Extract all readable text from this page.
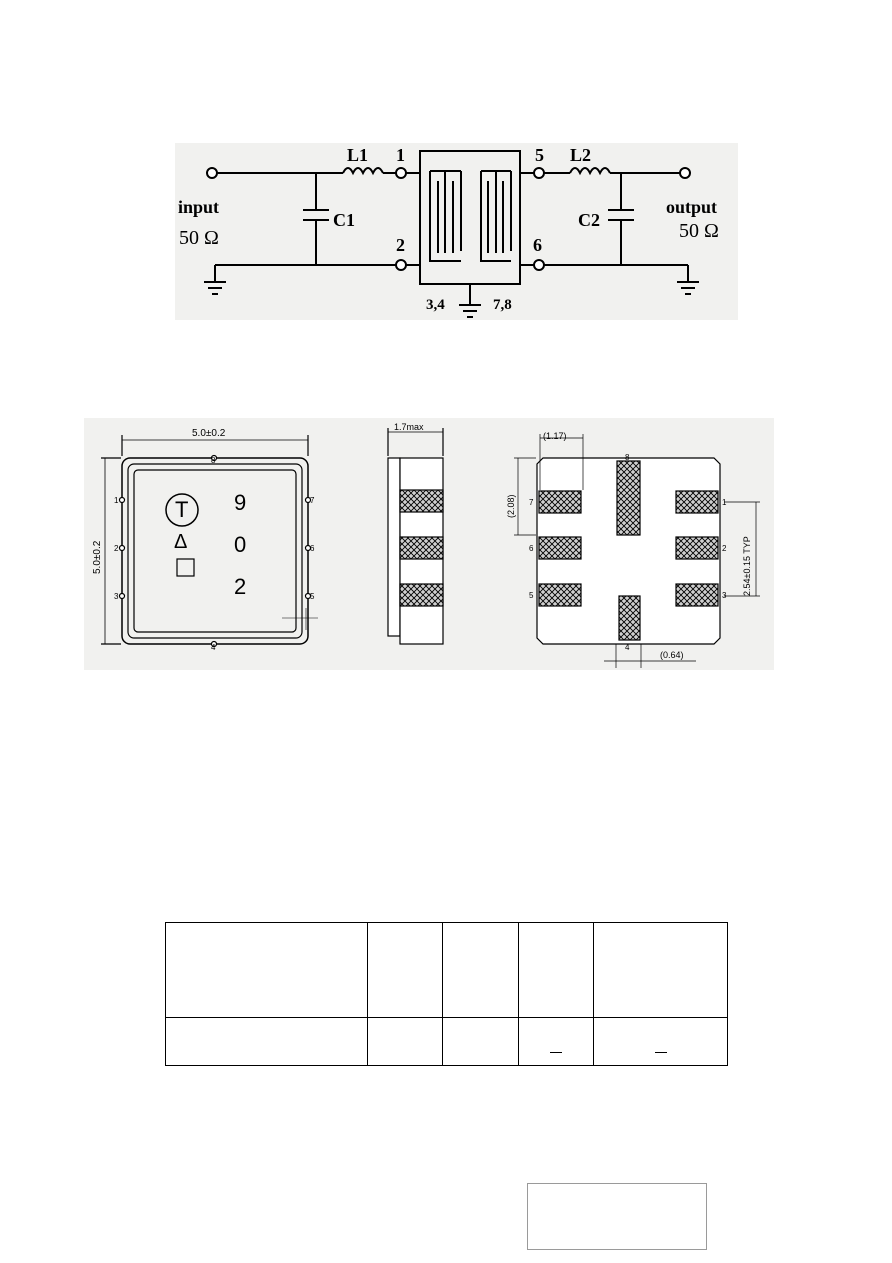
input	output
L1	L2
C1	C2
1
2
5
6
3,4	7,8
50 Ω	50 Ω
5.0±0.2
5.0±0.2
8
4
1
2
3
7
6
5
T 9
0
2
Δ
1.7max
(1.17)
(2.08)
2.54±0.15 TYP
(0.64)
8
4
7
6
5
1
2
3
